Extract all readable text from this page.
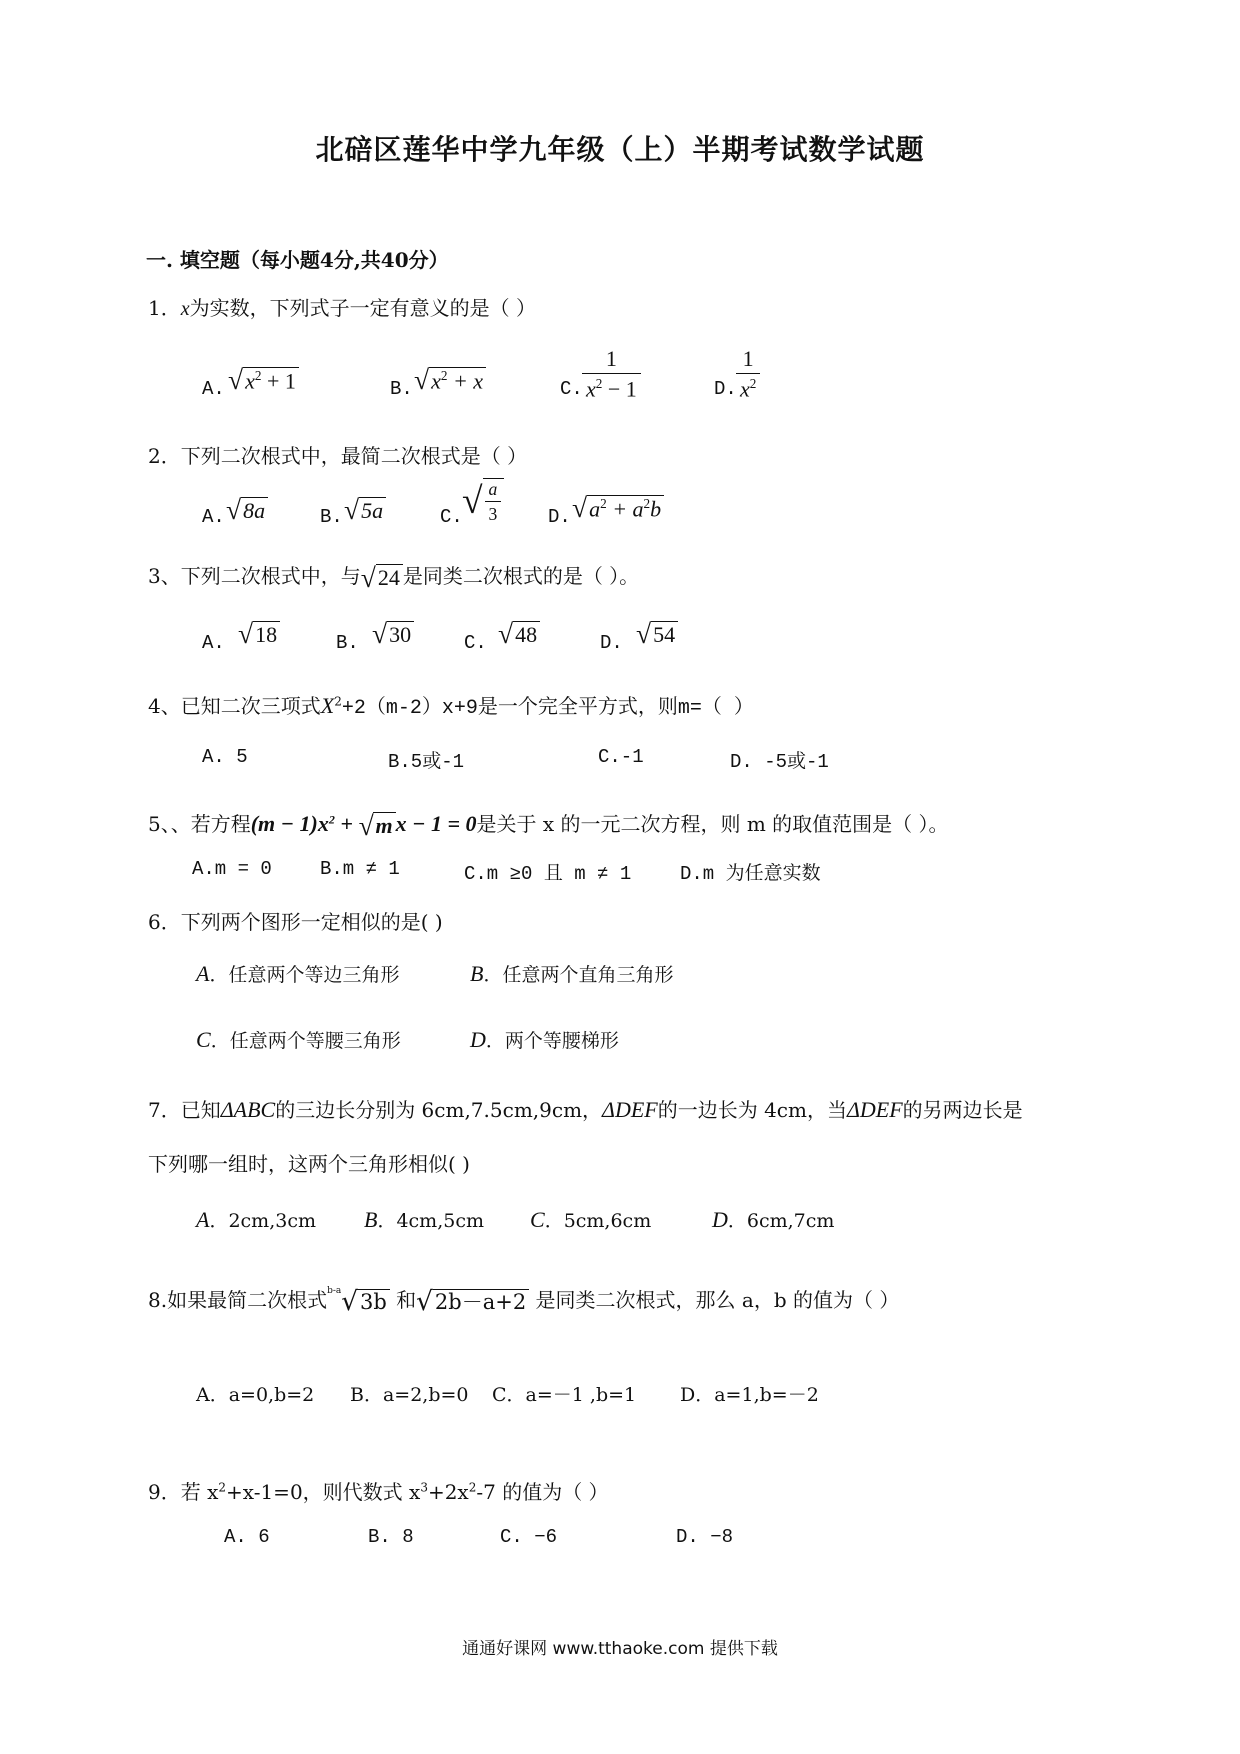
北碚区莲华中学九年级（上）半期考试数学试题
一. 填空题（每小题4分,共40分）
1．x为实数，下列式子一定有意义的是（ ）
A. $√x^2 + 1$	B. $√x^2 + x$	C. $\frac{1}{x^2 - 1}$	D. $\frac{1}{x^2}$
2．下列二次根式中，最简二次根式是（ ）
A. √8a	B. √5a	C. √ $\frac{a}{3} D$. $√a^2 + a^2b$
3、下列二次根式中，与√24 是同类二次根式的是（ ）。
A. √18	B. √30	C. √48	D. √54
4、已知二次三项式$X^2+2(m-2)x+9$是一个完全平方式，则m=（ ）
A. 5	B.5或-1	C.-1	D. -5或-1
5、、若方程$(m - 1)x^2 + √m$ x − 1 = 0是关于 x 的一元二次方程，则 m 的取值范围是（ ）。
A.m = 0	B.m ≠ 1	C.m ≥0 且 m ≠ 1	D.m 为任意实数
6．下列两个图形一定相似的是( )
A．任意两个等边三角形	B．任意两个直角三角形
C．任意两个等腰三角形	D．两个等腰梯形
7．已知ΔABC的三边长分别为 6cm,7.5cm,9cm，ΔDEF的一边长为 4cm，当ΔDEF的另两边长是
下列哪一组时，这两个三角形相似( )
A．2cm,3cm B．4cm,5cm C．5cm,6cm	D．6cm,7cm
8.如果最简二次根式$^{b-a}$√3b 和√2b－a+2 是同类二次根式，那么 a，b 的值为（ ）
A．a=0,b=2 B．a=2,b=0 C．a=－1 ,b=1 D．a=1,b=－2
9．若 $x^2+x-1=0$，则代数式 $x^3+2x^2-7$ 的值为（ ）
A. 6	B. 8	C. −6	D. −8
通通好课网 www.tthaoke.com 提供下载
